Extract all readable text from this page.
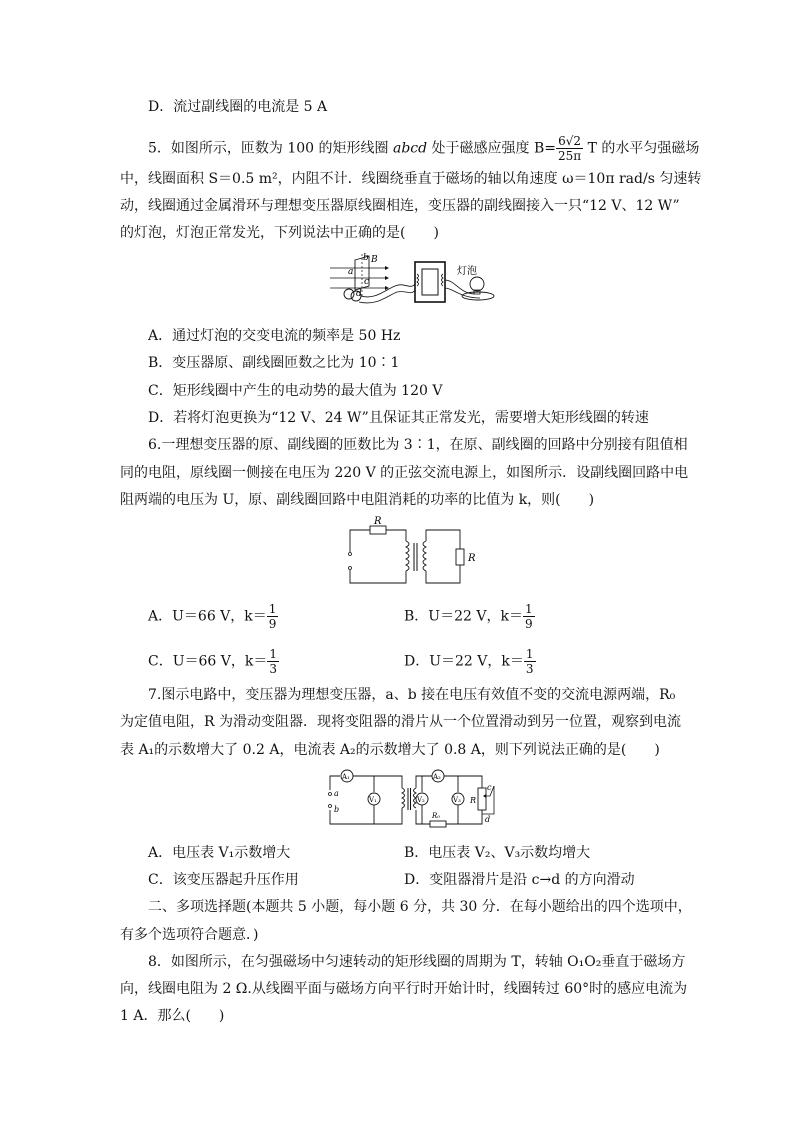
D．流过副线圈的电流是 5 A
5．如图所示，匝数为 100 的矩形线圈 abcd 处于磁感应强度 $B= \frac{6√2}{25\pi}$ T 的水平匀强磁场
中，线圈面积 S＝0.5 m²，内阻不计．线圈绕垂直于磁场的轴以角速度 ω＝10π rad/s 匀速转
动，线圈通过金属滑环与理想变压器原线圈相连，变压器的副线圈接入一只“12 V、12 W”
的灯泡，灯泡正常发光，下列说法中正确的是(　　)
b B
a
c
d
灯泡
A．通过灯泡的交变电流的频率是 50 Hz
B．变压器原、副线圈匝数之比为 10∶1
C．矩形线圈中产生的电动势的最大值为 120 V
D．若将灯泡更换为“12 V、24 W”且保证其正常发光，需要增大矩形线圈的转速
6.一理想变压器的原、副线圈的匝数比为 3∶1，在原、副线圈的回路中分别接有阻值相
同的电阻，原线圈一侧接在电压为 220 V 的正弦交流电源上，如图所示．设副线圈回路中电
阻两端的电压为 U，原、副线圈回路中电阻消耗的功率的比值为 k，则(　　)
R
R
A．U＝66 V，$k= \frac{1}{9}$	B．U＝22 V，$k= \frac{1}{9}$
C．U＝66 V，$k= \frac{1}{3}$	D．U＝22 V，$k= \frac{1}{3}$
7.图示电路中，变压器为理想变压器，a、b 接在电压有效值不变的交流电源两端，R₀
为定值电阻，R 为滑动变阻器．现将变阻器的滑片从一个位置滑动到另一位置，观察到电流
表 A₁的示数增大了 0.2 A，电流表 A₂的示数增大了 0.8 A，则下列说法正确的是(　　)
A₁	A₂
V₁	V₂	V₃
a
b
c
d
R
R₀
A．电压表 V₁示数增大	B．电压表 V₂、V₃示数均增大
C．该变压器起升压作用	D．变阻器滑片是沿 c→d 的方向滑动
二、多项选择题(本题共 5 小题，每小题 6 分，共 30 分．在每小题给出的四个选项中，
有多个选项符合题意．)
8．如图所示，在匀强磁场中匀速转动的矩形线圈的周期为 T，转轴 O₁O₂垂直于磁场方
向，线圈电阻为 2 Ω.从线圈平面与磁场方向平行时开始计时，线圈转过 60°时的感应电流为
1 A．那么(　　)
